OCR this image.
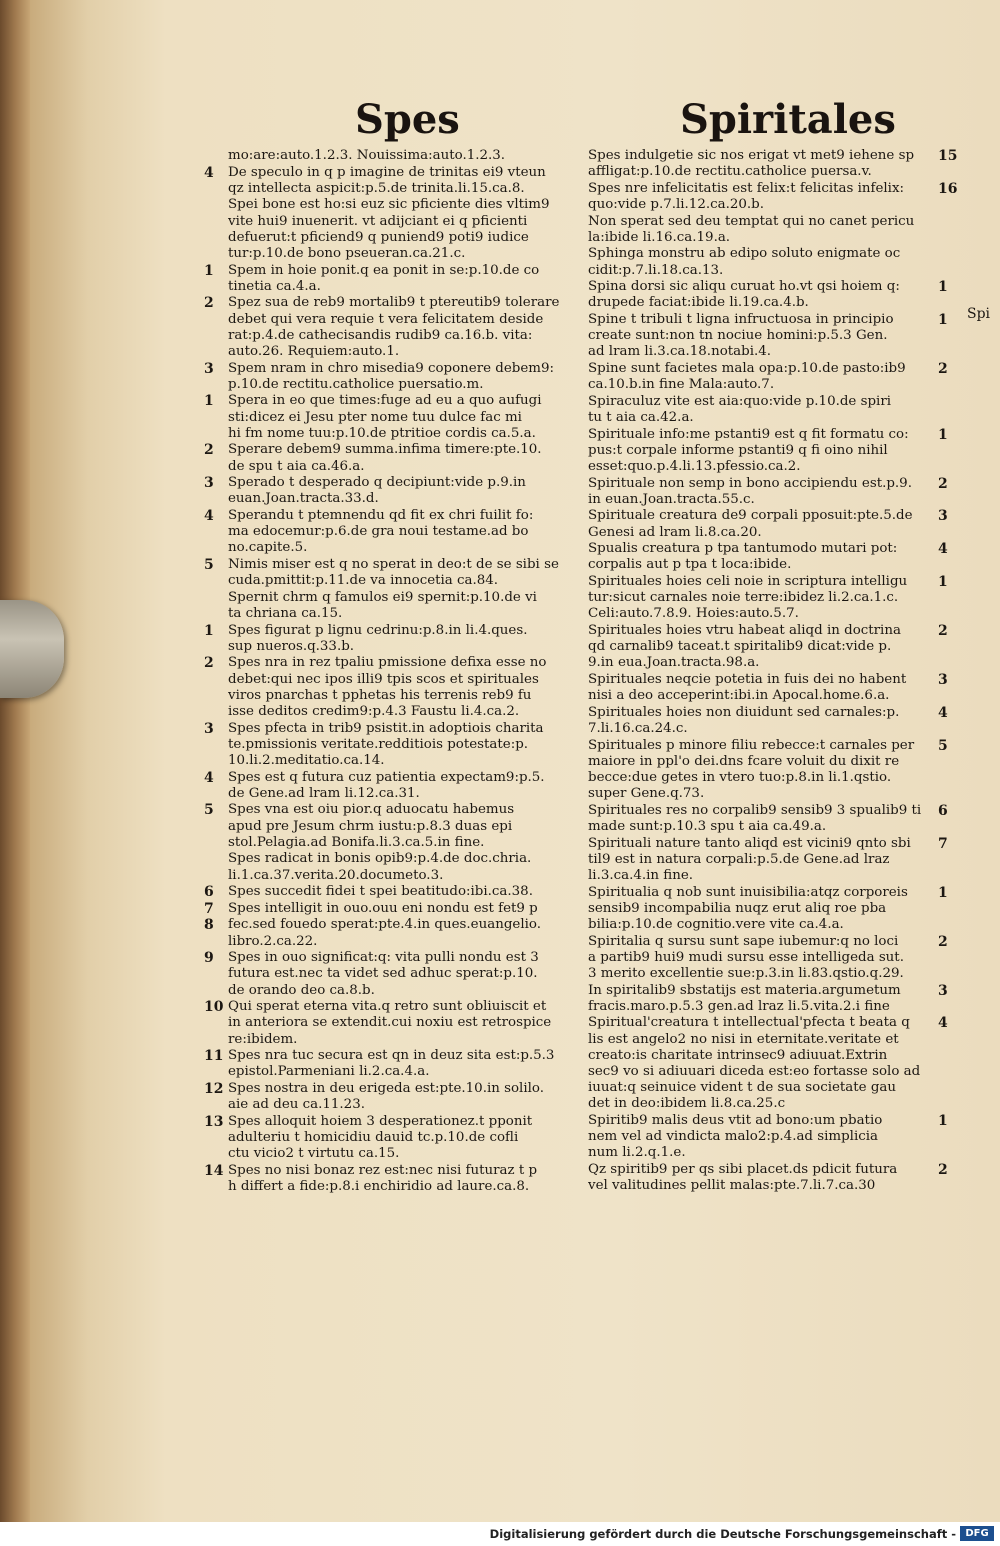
Spes	Spiritales
mo:are:auto.1.2.3. Nouissima:auto.1.2.3.
4 De speculo in q p imagine de trinitas ei9 vteun
qz intellecta aspicit:p.5.de trinita.li.15.ca.8.
Spei bone est ho:si euz sic pficiente dies vltim9
vite hui9 inuenerit. vt adijciant ei q pficienti
defuerut:t pficiend9 q puniend9 poti9 iudice
tur:p.10.de bono pseueran.ca.21.c.
1 Spem in hoie ponit.q ea ponit in se:p.10.de co
tinetia ca.4.a.
2 Spez sua de reb9 mortalib9 t ptereutib9 tolerare
debet qui vera requie t vera felicitatem deside
rat:p.4.de cathecisandis rudib9 ca.16.b. vita:
auto.26. Requiem:auto.1.
3 Spem nram in chro misedia9 coponere debem9:
p.10.de rectitu.catholice puersatio.m.
1 Spera in eo que times:fuge ad eu a quo aufugi
sti:dicez ei Jesu pter nome tuu dulce fac mi
hi fm nome tuu:p.10.de ptritioe cordis ca.5.a.
2 Sperare debem9 summa.infima timere:pte.10.
de spu t aia ca.46.a.
3 Sperado t desperado q decipiunt:vide p.9.in
euan.Joan.tracta.33.d.
4 Sperandu t ptemnendu qd fit ex chri fuilit fo:
ma edocemur:p.6.de gra noui testame.ad bo
no.capite.5.
5 Nimis miser est q no sperat in deo:t de se sibi se
cuda.pmittit:p.11.de va innocetia ca.84.
Spernit chrm q famulos ei9 spernit:p.10.de vi
ta chriana ca.15.
1 Spes figurat p lignu cedrinu:p.8.in li.4.ques.
sup nueros.q.33.b.
2 Spes nra in rez tpaliu pmissione defixa esse no
debet:qui nec ipos illi9 tpis scos et spirituales
viros pnarchas t pphetas his terrenis reb9 fu
isse deditos credim9:p.4.3 Faustu li.4.ca.2.
3 Spes pfecta in trib9 psistit.in adoptiois charita
te.pmissionis veritate.redditiois potestate:p.
10.li.2.meditatio.ca.14.
4 Spes est q futura cuz patientia expectam9:p.5.
de Gene.ad lram li.12.ca.31.
5 Spes vna est oiu pior.q aduocatu habemus
apud pre Jesum chrm iustu:p.8.3 duas epi
stol.Pelagia.ad Bonifa.li.3.ca.5.in fine.
Spes radicat in bonis opib9:p.4.de doc.chria.
li.1.ca.37.verita.20.documeto.3.
6 Spes succedit fidei t spei beatitudo:ibi.ca.38.
7 Spes intelligit in ouo.ouu eni nondu est fet9 p
8 fec.sed fouedo sperat:pte.4.in ques.euangelio.
libro.2.ca.22.
9 Spes in ouo significat:q: vita pulli nondu est 3
futura est.nec ta videt sed adhuc sperat:p.10.
de orando deo ca.8.b.
10 Qui sperat eterna vita.q retro sunt obliuiscit et
in anteriora se extendit.cui noxiu est retrospice
re:ibidem.
11 Spes nra tuc secura est qn in deuz sita est:p.5.3
epistol.Parmeniani li.2.ca.4.a.
12 Spes nostra in deu erigeda est:pte.10.in solilo.
aie ad deu ca.11.23.
13 Spes alloquit hoiem 3 desperationez.t pponit
adulteriu t homicidiu dauid tc.p.10.de cofli
ctu vicio2 t virtutu ca.15.
14 Spes no nisi bonaz rez est:nec nisi futuraz t p
h differt a fide:p.8.i enchiridio ad laure.ca.8.
15
Spes indulgetie sic nos erigat vt met9 iehene sp
affligat:p.10.de rectitu.catholice puersa.v.
16
Spes nre infelicitatis est felix:t felicitas infelix:
quo:vide p.7.li.12.ca.20.b.
Non sperat sed deu temptat qui no canet pericu
la:ibide li.16.ca.19.a.
Sphinga monstru ab edipo soluto enigmate oc
cidit:p.7.li.18.ca.13.
1
Spina dorsi sic aliqu curuat ho.vt qsi hoiem q:
drupede faciat:ibide li.19.ca.4.b.
1
Spine t tribuli t ligna infructuosa in principio
create sunt:non tn nociue homini:p.5.3 Gen.
ad lram li.3.ca.18.notabi.4.
2
Spine sunt facietes mala opa:p.10.de pasto:ib9
ca.10.b.in fine Mala:auto.7.
Spiraculuz vite est aia:quo:vide p.10.de spiri
tu t aia ca.42.a.
1
Spirituale info:me pstanti9 est q fit formatu co:
pus:t corpale informe pstanti9 q fi oino nihil
esset:quo.p.4.li.13.pfessio.ca.2.
2
Spirituale non semp in bono accipiendu est.p.9.
in euan.Joan.tracta.55.c.
3
Spirituale creatura de9 corpali pposuit:pte.5.de
Genesi ad lram li.8.ca.20.
4
Spualis creatura p tpa tantumodo mutari pot:
corpalis aut p tpa t loca:ibide.
1
Spirituales hoies celi noie in scriptura intelligu
tur:sicut carnales noie terre:ibidez li.2.ca.1.c.
Celi:auto.7.8.9. Hoies:auto.5.7.
2
Spirituales hoies vtru habeat aliqd in doctrina
qd carnalib9 taceat.t spiritalib9 dicat:vide p.
9.in eua.Joan.tracta.98.a.
3
Spirituales neqcie potetia in fuis dei no habent
nisi a deo acceperint:ibi.in Apocal.home.6.a.
4
Spirituales hoies non diuidunt sed carnales:p.
7.li.16.ca.24.c.
5
Spirituales p minore filiu rebecce:t carnales per
maiore in ppl'o dei.dns fcare voluit du dixit re
becce:due getes in vtero tuo:p.8.in li.1.qstio.
super Gene.q.73.
6
Spirituales res no corpalib9 sensib9 3 spualib9 ti
made sunt:p.10.3 spu t aia ca.49.a.
7
Spirituali nature tanto aliqd est vicini9 qnto sbi
til9 est in natura corpali:p.5.de Gene.ad lraz
li.3.ca.4.in fine.
1
Spiritualia q nob sunt inuisibilia:atqz corporeis
sensib9 incompabilia nuqz erut aliq roe pba
bilia:p.10.de cognitio.vere vite ca.4.a.
2
Spiritalia q sursu sunt sape iubemur:q no loci
a partib9 hui9 mudi sursu esse intelligeda sut.
3 merito excellentie sue:p.3.in li.83.qstio.q.29.
3
In spiritalib9 sbstatijs est materia.argumetum
fracis.maro.p.5.3 gen.ad lraz li.5.vita.2.i fine
4
Spiritual'creatura t intellectual'pfecta t beata q
lis est angelo2 no nisi in eternitate.veritate et
creato:is charitate intrinsec9 adiuuat.Extrin
sec9 vo si adiuuari diceda est:eo fortasse solo ad
iuuat:q seinuice vident t de sua societate gau
det in deo:ibidem li.8.ca.25.c
1
Spiritib9 malis deus vtit ad bono:um pbatio
nem vel ad vindicta malo2:p.4.ad simplicia
num li.2.q.1.e.
2
Qz spiritib9 per qs sibi placet.ds pdicit futura
vel valitudines pellit malas:pte.7.li.7.ca.30
Spi
Digitalisierung gefördert durch die Deutsche Forschungsgemeinschaft - DFG
